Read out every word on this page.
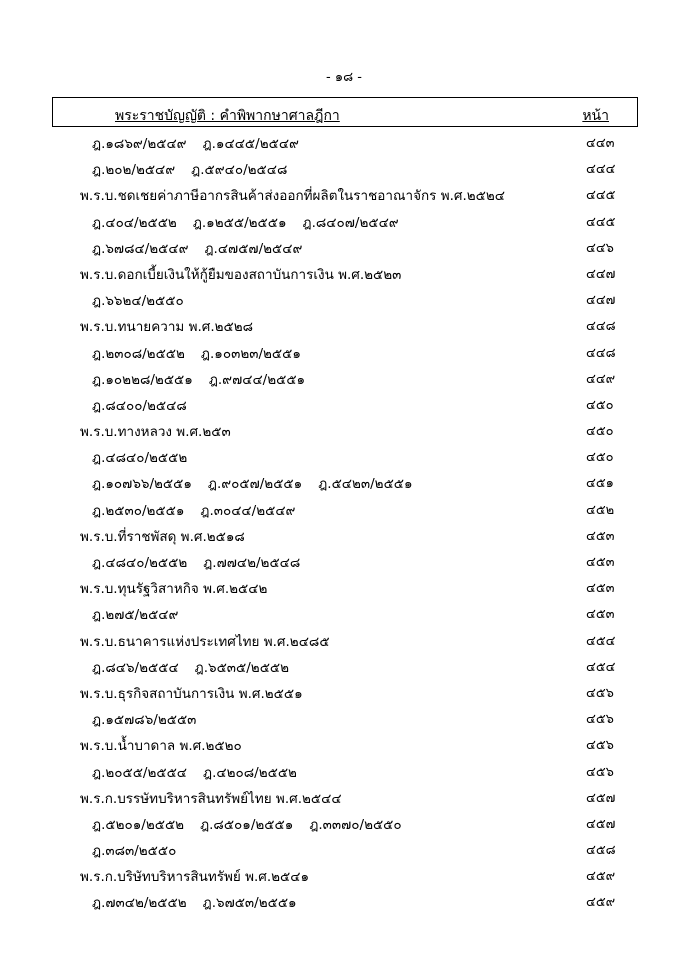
- ๑๘ -
พระราชบัญญัติ : คำพิพากษาศาลฎีกา	หน้า
ฎ.๑๘๖๙/๒๕๔๙ ฎ.๑๔๔๕/๒๕๔๙	๔๔๓
ฎ.๒๐๒/๒๕๔๙ ฎ.๕๙๔๐/๒๕๔๘	๔๔๔
พ.ร.บ.ชดเชยค่าภาษีอากรสินค้าส่งออกที่ผลิตในราชอาณาจักร พ.ศ.๒๕๒๔	๔๔๕
ฎ.๔๐๔/๒๕๕๒ ฎ.๑๒๕๕/๒๕๕๑ ฎ.๘๔๐๗/๒๕๔๙	๔๔๕
ฎ.๖๗๘๔/๒๕๔๙ ฎ.๔๗๕๗/๒๕๔๙	๔๔๖
พ.ร.บ.ดอกเบี้ยเงินให้กู้ยืมของสถาบันการเงิน พ.ศ.๒๕๒๓	๔๔๗
ฎ.๖๖๒๔/๒๕๕๐	๔๔๗
พ.ร.บ.ทนายความ พ.ศ.๒๕๒๘	๔๔๘
ฎ.๒๓๐๘/๒๕๕๒ ฎ.๑๐๓๒๓/๒๕๕๑	๔๔๘
ฎ.๑๐๒๒๘/๒๕๕๑ ฎ.๙๗๔๔/๒๕๕๑	๔๔๙
ฎ.๘๔๐๐/๒๕๔๘	๔๕๐
พ.ร.บ.ทางหลวง พ.ศ.๒๕๓	๔๕๐
ฎ.๔๘๔๐/๒๕๕๒	๔๕๐
ฎ.๑๐๗๖๖/๒๕๕๑ ฎ.๙๐๕๗/๒๕๕๑ ฎ.๕๔๒๓/๒๕๕๑	๔๕๑
ฎ.๒๕๓๐/๒๕๕๑ ฎ.๓๐๔๔/๒๕๔๙	๔๕๒
พ.ร.บ.ที่ราชพัสดุ พ.ศ.๒๕๑๘	๔๕๓
ฎ.๔๘๔๐/๒๕๕๒ ฎ.๗๗๔๒/๒๕๔๘	๔๕๓
พ.ร.บ.ทุนรัฐวิสาหกิจ พ.ศ.๒๕๔๒	๔๕๓
ฎ.๒๗๕/๒๕๔๙	๔๕๓
พ.ร.บ.ธนาคารแห่งประเทศไทย พ.ศ.๒๔๘๕	๔๕๔
ฎ.๘๔๖/๒๕๕๔ ฎ.๖๕๓๕/๒๕๕๒	๔๕๔
พ.ร.บ.ธุรกิจสถาบันการเงิน พ.ศ.๒๕๕๑	๔๕๖
ฎ.๑๕๗๘๖/๒๕๕๓	๔๕๖
พ.ร.บ.น้ำบาดาล พ.ศ.๒๕๒๐	๔๕๖
ฎ.๒๐๕๕/๒๕๕๔ ฎ.๔๒๐๘/๒๕๕๒	๔๕๖
พ.ร.ก.บรรษัทบริหารสินทรัพย์ไทย พ.ศ.๒๕๔๔	๔๕๗
ฎ.๕๒๐๑/๒๕๕๒ ฎ.๘๕๐๑/๒๕๕๑ ฎ.๓๓๗๐/๒๕๕๐	๔๕๗
ฎ.๓๘๓/๒๕๕๐	๔๕๘
พ.ร.ก.บริษัทบริหารสินทรัพย์ พ.ศ.๒๕๔๑	๔๕๙
ฎ.๗๓๔๒/๒๕๕๒ ฎ.๖๗๕๓/๒๕๕๑	๔๕๙
